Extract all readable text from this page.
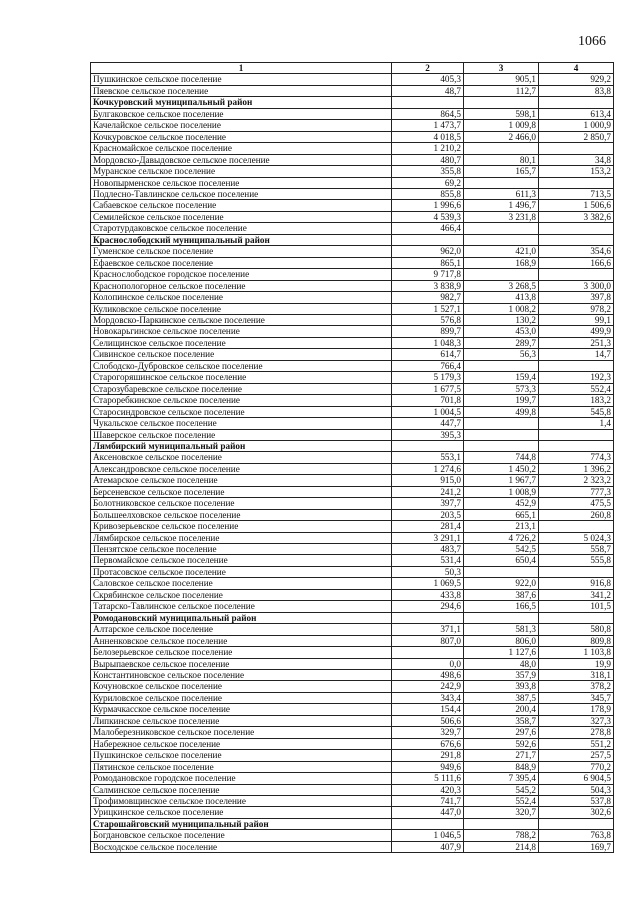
1066
1	2	3	4
Пушкинское сельское поселение	405,3	905,1	929,2
Пяевское сельское поселение	48,7	112,7	83,8
Кочкуровский муниципальный район			
Булгаковское сельское поселение	864,5	598,1	613,4
Качелайское сельское поселение	1 473,7	1 009,8	1 000,9
Кочкуровское сельское поселение	4 018,5	2 466,0	2 850,7
Красномайское сельское поселение	1 210,2		
Мордовско-Давыдовское сельское поселение	480,7	80,1	34,8
Муранское сельское поселение	355,8	165,7	153,2
Новопырменское сельское поселение	69,2		
Подлесно-Тавлинское сельское поселение	855,8	611,3	713,5
Сабаевское сельское поселение	1 996,6	1 496,7	1 506,6
Семилейское сельское поселение	4 539,3	3 231,8	3 382,6
Старотурдаковское сельское поселение	466,4		
Краснослободский муниципальный район			
Гуменское сельское поселение	962,0	421,0	354,6
Ефаевское сельское поселение	865,1	168,9	166,6
Краснослободское городское поселение	9 717,8		
Краснопологорное сельское поселение	3 838,9	3 268,5	3 300,0
Колопинское сельское поселение	982,7	413,8	397,8
Куликовское сельское поселение	1 527,1	1 008,2	978,2
Мордовско-Паркинское сельское поселение	576,8	130,2	99,1
Новокарьгинское сельское поселение	899,7	453,0	499,9
Селищинское сельское поселение	1 048,3	289,7	251,3
Сивинское сельское поселение	614,7	56,3	14,7
Слободско-Дубровское сельское поселение	766,4		
Старогоряшинское сельское поселение	5 179,3	159,4	192,3
Старозубаревское сельское поселение	1 677,5	573,3	552,4
Староребкинское сельское поселение	701,8	199,7	183,2
Старосиндровское сельское поселение	1 004,5	499,8	545,8
Чукальское сельское поселение	447,7		1,4
Шаверское сельское поселение	395,3		
Лямбирский муниципальный район			
Аксеновское сельское поселение	553,1	744,8	774,3
Александровское сельское поселение	1 274,6	1 450,2	1 396,2
Атемарское сельское поселение	915,0	1 967,7	2 323,2
Берсеневское сельское поселение	241,2	1 008,9	777,3
Болотниковское сельское поселение	397,7	452,9	475,5
Большеелховское сельское поселение	203,5	665,1	260,8
Кривозерьевское сельское поселение	281,4	213,1	
Лямбирское сельское поселение	3 291,1	4 726,2	5 024,3
Пензятское сельское поселение	483,7	542,5	558,7
Первомайское сельское поселение	531,4	650,4	555,8
Протасовское сельское поселение	50,3		
Саловское сельское поселение	1 069,5	922,0	916,8
Скрябинское сельское поселение	433,8	387,6	341,2
Татарско-Тавлинское сельское поселение	294,6	166,5	101,5
Ромодановский муниципальный район			
Алтарское сельское поселение	371,1	581,3	580,8
Анненковское сельское поселение	807,0	806,0	809,8
Белозерьевское сельское поселение		1 127,6	1 103,8
Вырыпаевское сельское поселение	0,0	48,0	19,9
Константиновское сельское поселение	498,6	357,9	318,1
Кочуновское сельское поселение	242,9	393,8	378,2
Куриловское сельское поселение	343,4	387,5	345,7
Курмачкасское сельское поселение	154,4	200,4	178,9
Липкинское сельское поселение	506,6	358,7	327,3
Малоберезниковское сельское поселение	329,7	297,6	278,8
Набережное сельское поселение	676,6	592,6	551,2
Пушкинское сельское поселение	291,8	271,7	257,5
Пятинское сельское поселение	949,6	848,9	770,2
Ромодановское городское поселение	5 111,6	7 395,4	6 904,5
Салминское сельское поселение	420,3	545,2	504,3
Трофимовщинское сельское поселение	741,7	552,4	537,8
Урицкинское сельское поселение	447,0	320,7	302,6
Старошайговский муниципальный район			
Богдановское сельское поселение	1 046,5	788,2	763,8
Восходское сельское поселение	407,9	214,8	169,7
